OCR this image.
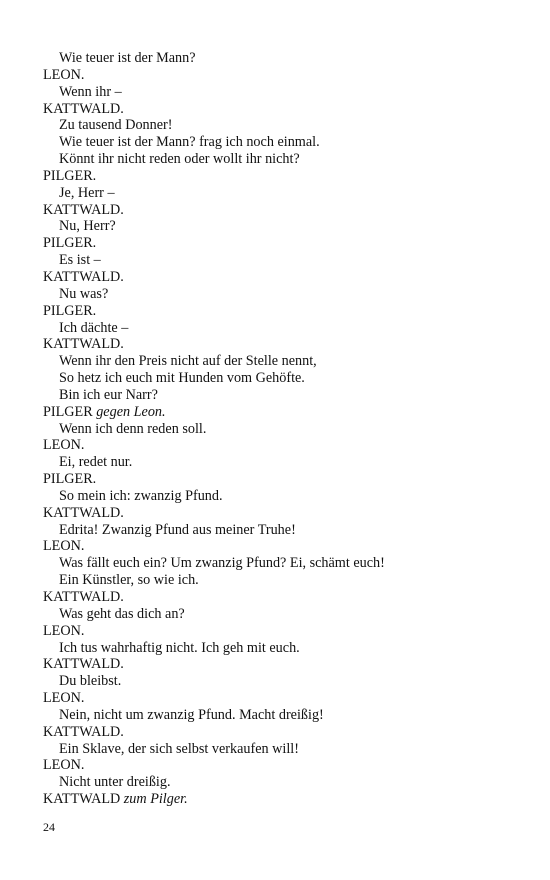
Wie teuer ist der Mann?
LEON.
Wenn ihr –
KATTWALD.
Zu tausend Donner!
Wie teuer ist der Mann? frag ich noch einmal.
Könnt ihr nicht reden oder wollt ihr nicht?
PILGER.
Je, Herr –
KATTWALD.
Nu, Herr?
PILGER.
Es ist –
KATTWALD.
Nu was?
PILGER.
Ich dächte –
KATTWALD.
Wenn ihr den Preis nicht auf der Stelle nennt,
So hetz ich euch mit Hunden vom Gehöfte.
Bin ich eur Narr?
PILGER gegen Leon.
Wenn ich denn reden soll.
LEON.
Ei, redet nur.
PILGER.
So mein ich: zwanzig Pfund.
KATTWALD.
Edrita! Zwanzig Pfund aus meiner Truhe!
LEON.
Was fällt euch ein? Um zwanzig Pfund? Ei, schämt euch!
Ein Künstler, so wie ich.
KATTWALD.
Was geht das dich an?
LEON.
Ich tus wahrhaftig nicht. Ich geh mit euch.
KATTWALD.
Du bleibst.
LEON.
Nein, nicht um zwanzig Pfund. Macht dreißig!
KATTWALD.
Ein Sklave, der sich selbst verkaufen will!
LEON.
Nicht unter dreißig.
KATTWALD zum Pilger.
24
